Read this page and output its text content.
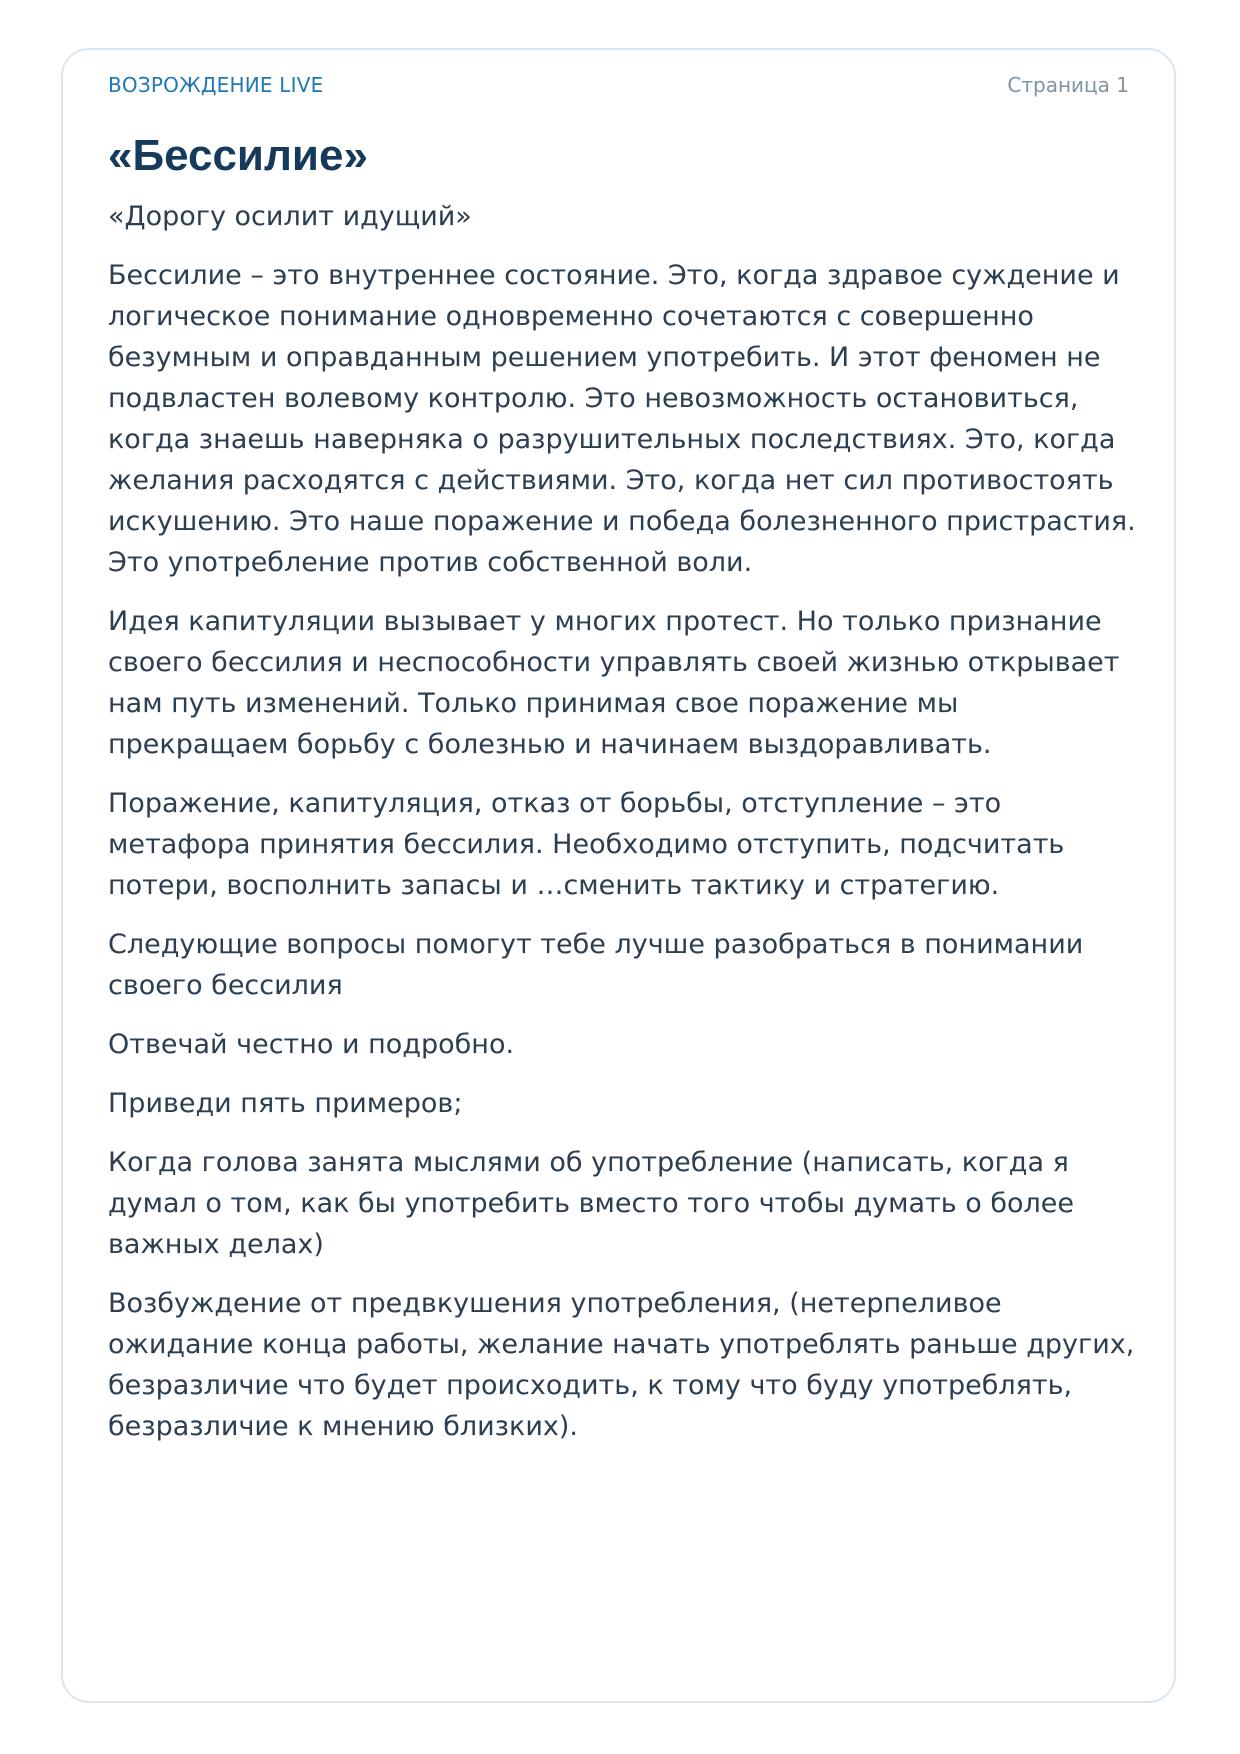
ВОЗРОЖДЕНИЕ LIVE	Страница 1
«Бессилие»

«Дорогу осилит идущий»

Бессилие – это внутреннее состояние. Это, когда здравое суждение и логическое понимание одновременно сочетаются с совершенно безумным и оправданным решением употребить. И этот феномен не подвластен волевому контролю. Это невозможность остановиться, когда знаешь наверняка о разрушительных последствиях. Это, когда желания расходятся с действиями. Это, когда нет сил противостоять искушению. Это наше поражение и победа болезненного пристрастия. Это употребление против собственной воли.

Идея капитуляции вызывает у многих протест. Но только признание своего бессилия и неспособности управлять своей жизнью открывает нам путь изменений. Только принимая свое поражение мы прекращаем борьбу с болезнью и начинаем выздоравливать.

Поражение, капитуляция, отказ от борьбы, отступление – это метафора принятия бессилия. Необходимо отступить, подсчитать потери, восполнить запасы и …сменить тактику и стратегию.

Следующие вопросы помогут тебе лучше разобраться в понимании своего бессилия

Отвечай честно и подробно.

Приведи пять примеров;

Когда голова занята мыслями об употребление (написать, когда я думал о том, как бы употребить вместо того чтобы думать о более важных делах)

Возбуждение от предвкушения употребления, (нетерпеливое ожидание конца работы, желание начать употреблять раньше других, безразличие что будет происходить, к тому что буду употреблять, безразличие к мнению близких).
